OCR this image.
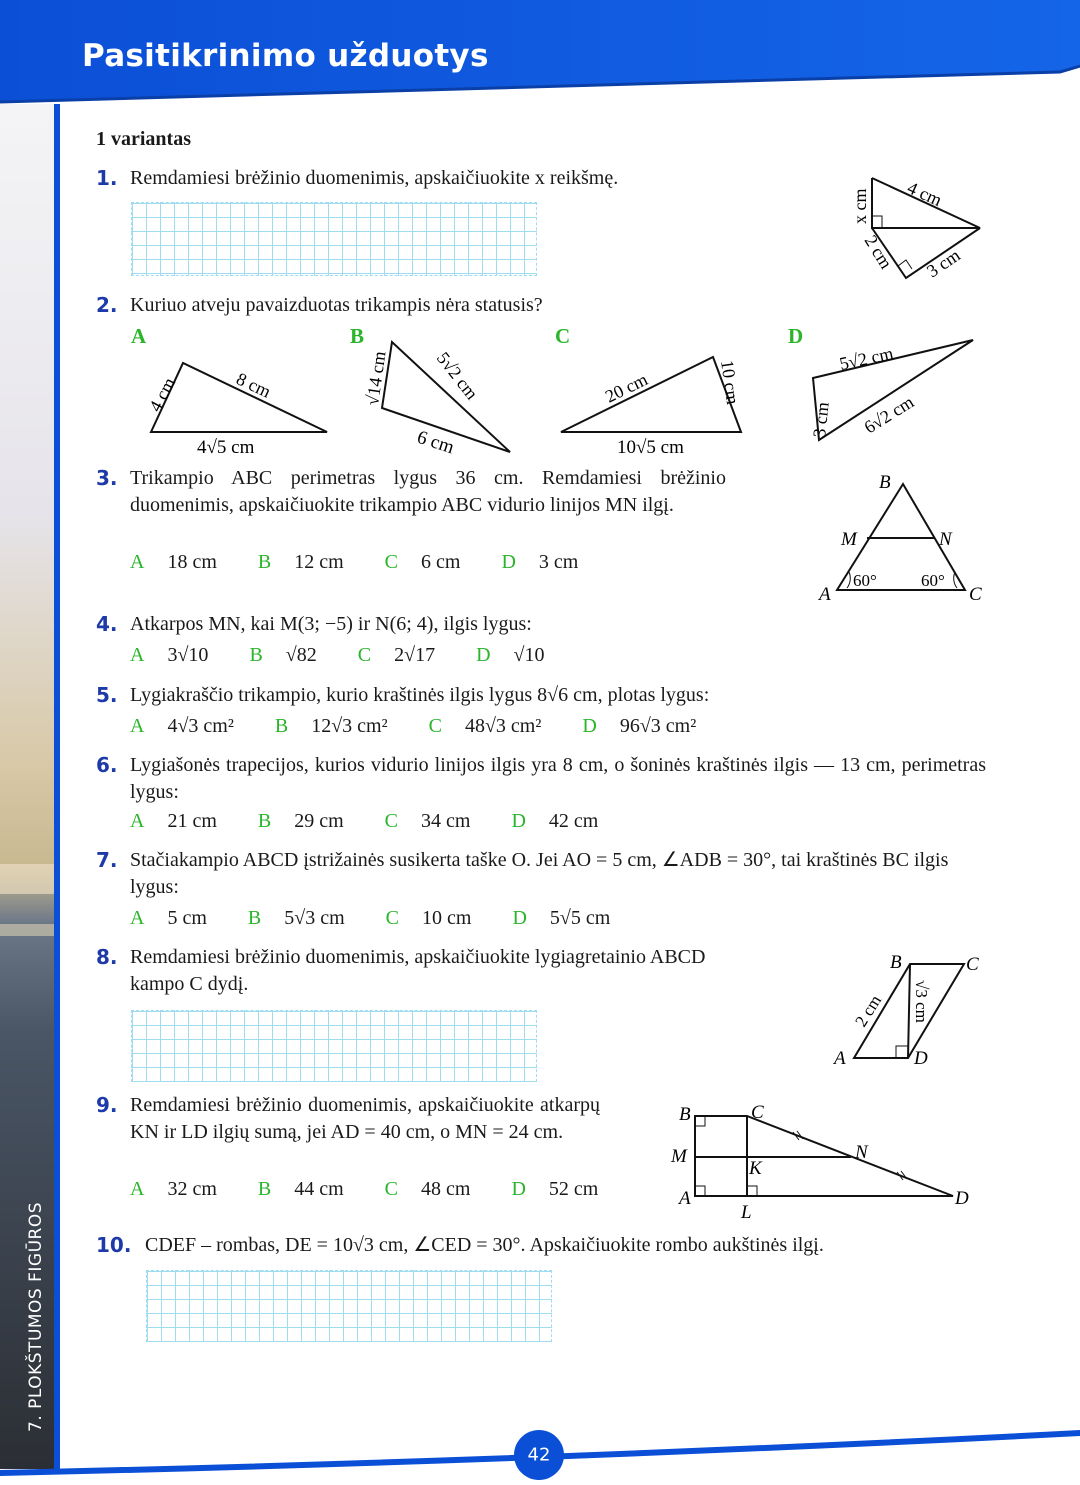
Pasitikrinimo užduotys
7. PLOKŠTUMOS FIGŪROS
42
1 variantas
1. Remdamiesi brėžinio duomenimis, apskaičiuokite x reikšmę.	4 cm
x cm
2 cm 3 cm
2. Kuriuo atveju pavaizduotas trikampis nėra statusis?
A	B	C	D
4 cm	8 cm
4√5 cm
√14 cm 5√2 cm
6 cm
20 cm	10 cm
10√5 cm
5√2 cm
3 cm 6√2 cm
3. Trikampio ABC perimetras lygus 36 cm. Remdamiesi brėžinio duomenimis, apskaičiuokite trikampio ABC vidurio linijos MN ilgį.
A 18 cm B 12 cm C 6 cm D 3 cm
B
M	N
A	C
60°	60°
4. Atkarpos MN, kai M(3; −5) ir N(6; 4), ilgis lygus:
A 3√10 B √82 C 2√17 D √10
5. Lygiakraščio trikampio, kurio kraštinės ilgis lygus 8√6 cm, plotas lygus:
A 4√3 cm² B 12√3 cm² C 48√3 cm² D 96√3 cm²
6. Lygiašonės trapecijos, kurios vidurio linijos ilgis yra 8 cm, o šoninės kraštinės ilgis — 13 cm, perimetras lygus:
A 21 cm B 29 cm C 34 cm D 42 cm
7. Stačiakampio ABCD įstrižainės susikerta taške O. Jei AO = 5 cm, ∠ADB = 30°, tai kraštinės BC ilgis lygus:
A 5 cm B 5√3 cm C 10 cm D 5√5 cm
8. Remdamiesi brėžinio duomenimis, apskaičiuokite lygiagretainio ABCD kampo C dydį.
B	C
A	D
2 cm √3 cm
9. Remdamiesi brėžinio duomenimis, apskaičiuokite atkarpų KN ir LD ilgių sumą, jei AD = 40 cm, o MN = 24 cm.
A 32 cm B 44 cm C 48 cm D 52 cm
B	C
M
K
N
A
L
D
10. CDEF – rombas, DE = 10√3 cm, ∠CED = 30°. Apskaičiuokite rombo aukštinės ilgį.
